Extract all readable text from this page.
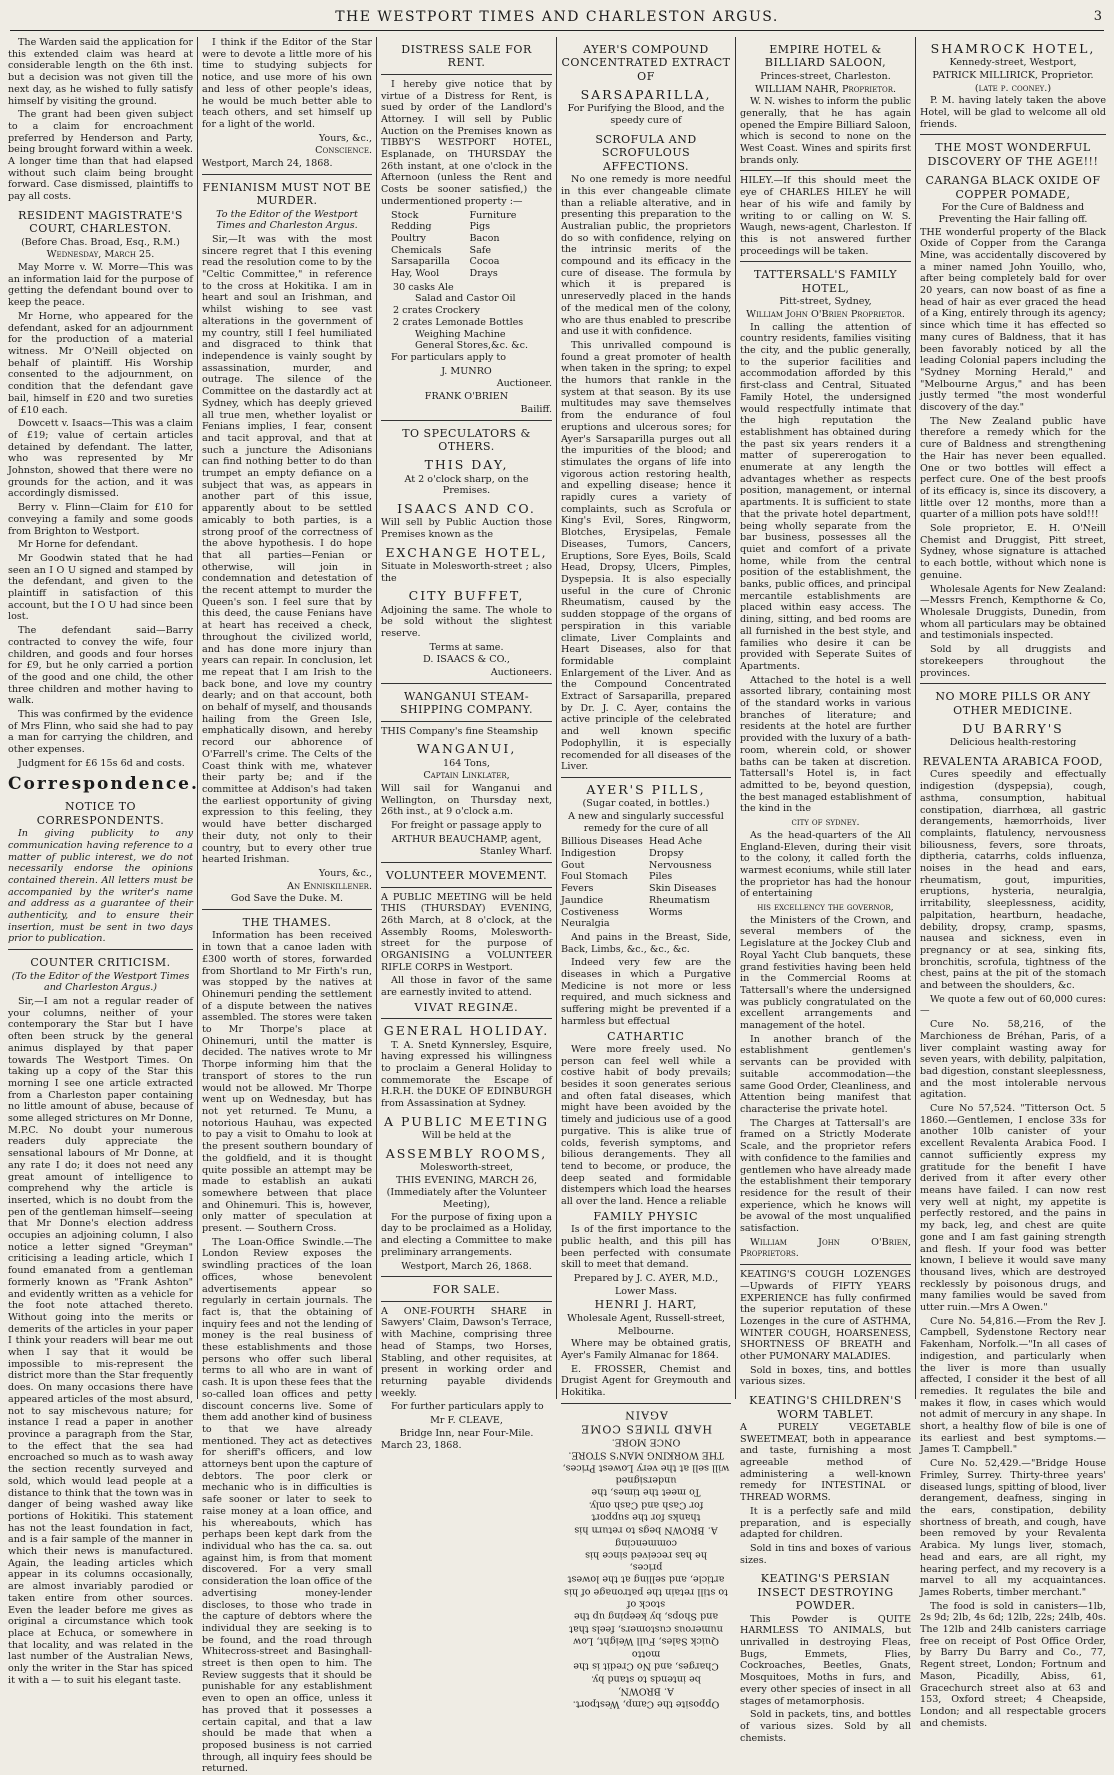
THE WESTPORT TIMES AND CHARLESTON ARGUS.	3

The Warden said the application for this extended claim was heard at considerable length on the 6th inst. but a decision was not given till the next day, as he wished to fully satisfy himself by visiting the ground.

The grant had been given subject to a claim for encroachment preferred by Henderson and Party, being brought forward within a week. A longer time than that had elapsed without such claim being brought forward. Case dismissed, plaintiffs to pay all costs.

RESIDENT MAGISTRATE'S COURT, CHARLESTON.
(Before Chas. Broad, Esq., R.M.)
Wednesday, March 25.

May Morre v. W. Morre—This was an information laid for the purpose of getting the defendant bound over to keep the peace.

Mr Horne, who appeared for the defendant, asked for an adjournment for the production of a material witness. Mr O'Neill objected on behalf of plaintiff. His Worship consented to the adjournment, on condition that the defendant gave bail, himself in £20 and two sureties of £10 each.

Dowcett v. Isaacs—This was a claim of £19; value of certain articles detained by defendant. The latter, who was represented by Mr Johnston, showed that there were no grounds for the action, and it was accordingly dismissed.

Berry v. Flinn—Claim for £10 for conveying a family and some goods from Brighton to Westport.

Mr Horne for defendant.

Mr Goodwin stated that he had seen an I O U signed and stamped by the defendant, and given to the plaintiff in satisfaction of this account, but the I O U had since been lost.

The defendant said—Barry contracted to convey the wife, four children, and goods and four horses for £9, but he only carried a portion of the good and one child, the other three children and mother having to walk.

This was confirmed by the evidence of Mrs Flinn, who said she had to pay a man for carrying the children, and other expenses.

Judgment for £6 15s 6d and costs.

Correspondence.
NOTICE TO CORRESPONDENTS.

In giving publicity to any communication having reference to a matter of public interest, we do not necessarily endorse the opinions contained therein. All letters must be accompanied by the writer's name and address as a guarantee of their authenticity, and to ensure their insertion, must be sent in two days prior to publication.

COUNTER CRITICISM.
(To the Editor of the Westport Times and Charleston Argus.)

Sir,—I am not a regular reader of your columns, neither of your contemporary the Star but I have often been struck by the general animus displayed by that paper towards The Westport Times. On taking up a copy of the Star this morning I see one article extracted from a Charleston paper containing no little amount of abuse, because of some alleged strictures on Mr Donne, M.P.C. No doubt your numerous readers duly appreciate the sensational labours of Mr Donne, at any rate I do; it does not need any great amount of intelligence to comprehend why the article is inserted, which is no doubt from the pen of the gentleman himself—seeing that Mr Donne's election address occupies an adjoining column, I also notice a letter signed "Greyman" criticising a leading article, which I found emanated from a gentleman formerly known as "Frank Ashton" and evidently written as a vehicle for the foot note attached thereto. Without going into the merits or demerits of the articles in your paper I think your readers will bear me out when I say that it would be impossible to mis-represent the district more than the Star frequently does. On many occasions there have appeared articles of the most absurd, not to say mischevous nature; for instance I read a paper in another province a paragraph from the Star, to the effect that the sea had encroached so much as to wash away the section recently surveyed and sold, which would lead people at a distance to think that the town was in danger of being washed away like portions of Hokitiki. This statement has not the least foundation in fact, and is a fair sample of the manner in which their news is manufactured. Again, the leading articles which appear in its columns occasionally, are almost invariably parodied or taken entire from other sources. Even the leader before me gives as original a circumstance which took place at Echuca, or somewhere in that locality, and was related in the last number of the Australian News, only the writer in the Star has spiced it with a — to suit his elegant taste.

I think if the Editor of the Star were to devote a little more of his time to studying subjects for notice, and use more of his own and less of other people's ideas, he would be much better able to teach others, and set himself up for a light of the world.

Yours, &c.,
Conscience.

Westport, March 24, 1868.

FENIANISM MUST NOT BE MURDER.
To the Editor of the Westport Times and Charleston Argus.

Sir,—It was with the most sincere regret that I this evening read the resolution come to by the "Celtic Committee," in reference to the cross at Hokitika. I am in heart and soul an Irishman, and whilst wishing to see vast alterations in the government of my country, still I feel humiliated and disgraced to think that independence is vainly sought by assassination, murder, and outrage. The silence of the Committee on the dastardly act at Sydney, which has deeply grieved all true men, whether loyalist or Fenians implies, I fear, consent and tacit approval, and that at such a juncture the Adisonians can find nothing better to do than trumpet an empty defiance on a subject that was, as appears in another part of this issue, apparently about to be settled amicably to both parties, is a strong proof of the correctness of the above hypothesis. I do hope that all parties—Fenian or otherwise, will join in condemnation and detestation of the recent attempt to murder the Queen's son. I feel sure that by this deed, the cause Fenians have at heart has received a check, throughout the civilized world, and has done more injury than years can repair. In conclusion, let me repeat that I am Irish to the back bone, and love my country dearly; and on that account, both on behalf of myself, and thousands hailing from the Green Isle, emphatically disown, and hereby record our abhorence of O'Farrell's crime. The Celts of the Coast think with me, whatever their party be; and if the committee at Addison's had taken the earliest opportunity of giving expression to this feeling, they would have better discharged their duty, not only to their country, but to every other true hearted Irishman.

Yours, &c.,
An Enniskillener.
God Save the Duke. M.
THE THAMES.

Information has been received in town that a canoe laden with £300 worth of stores, forwarded from Shortland to Mr Firth's run, was stopped by the natives at Ohinemuri pending the settlement of a dispute between the natives assembled. The stores were taken to Mr Thorpe's place at Ohinemuri, until the matter is decided. The natives wrote to Mr Thorpe informing him that the transport of stores to the run would not be allowed. Mr Thorpe went up on Wednesday, but has not yet returned. Te Munu, a notorious Hauhau, was expected to pay a visit to Omahu to look at the present southern boundary of the goldfield, and it is thought quite possible an attempt may be made to establish an aukati somewhere between that place and Ohinemuri. This is, however, only matter of speculation at present. — Southern Cross.

The Loan-Office Swindle.—The London Review exposes the swindling practices of the loan offices, whose benevolent advertisements appear so regularly in certain journals. The fact is, that the obtaining of inquiry fees and not the lending of money is the real business of these establishments and those persons who offer such liberal terms to all who are in want of cash. It is upon these fees that the so-called loan offices and petty discount concerns live. Some of them add another kind of business to that we have already mentioned. They act as detectives for sheriff's officers, and low attorneys bent upon the capture of debtors. The poor clerk or mechanic who is in difficulties is safe sooner or later to seek to raise money at a loan office, and his whereabouts, which has perhaps been kept dark from the individual who has the ca. sa. out against him, is from that moment discovered. For a very small consideration the loan office of the advertising money-lender discloses, to those who trade in the capture of debtors where the individual they are seeking is to be found, and the road through Whitecross-street and Basinghall-street is then open to him. The Review suggests that it should be punishable for any establishment even to open an office, unless it has proved that it possesses a certain capital, and that a law should be made that when a proposed business is not carried through, all inquiry fees should be returned.

DISTRESS SALE FOR RENT.

I hereby give notice that by virtue of a Distress for Rent, is sued by order of the Landlord's Attorney. I will sell by Public Auction on the Premises known as TIBBY'S WESTPORT HOTEL, Esplanade, on THURSDAY the 26th instant, at one o'clock in the Afternoon (unless the Rent and Costs be sooner satisfied,) the undermentioned property :—

Stock	Furniture
Redding	Pigs
Poultry	Bacon
Chemicals	Safe
Sarsaparilla	Cocoa
Hay, Wool	Drays
30 casks Ale
Salad and Castor Oil
2 crates Crockery
2 crates Lemonade Bottles
Weighing Machine
General Stores,&c. &c.

For particulars apply to

J. MUNRO
Auctioneer.
FRANK O'BRIEN
Bailiff.
TO SPECULATORS & OTHERS.
THIS DAY,
At 2 o'clock sharp, on the Premises.
ISAACS AND CO.

Will sell by Public Auction those Premises known as the

EXCHANGE HOTEL,

Situate in Molesworth-street ; also the

CITY BUFFET,

Adjoining the same. The whole to be sold without the slightest reserve.

Terms at same.
D. ISAACS & CO.,
Auctioneers.
WANGANUI STEAM-SHIPPING COMPANY.

THIS Company's fine Steamship

WANGANUI,
164 Tons,
Captain Linklater,

Will sail for Wanganui and Wellington, on Thursday next, 26th inst., at 9 o'clock a.m.

For freight or passage apply to

ARTHUR BEAUCHAMP, agent,
Stanley Wharf.
VOLUNTEER MOVEMENT.

A PUBLIC MEETING will be held THIS (THURSDAY) EVENING, 26th March, at 8 o'clock, at the Assembly Rooms, Molesworth-street for the purpose of ORGANISING a VOLUNTEER RIFLE CORPS in Westport.

All those in favor of the same are earnestly invited to attend.

VIVAT REGINÆ.
GENERAL HOLIDAY.

T. A. Snetd Kynnersley, Esquire, having expressed his willingness to proclaim a General Holiday to commemorate the Escape of H.R.H. the DUKE OF EDINBURGH from Assassination at Sydney.

A PUBLIC MEETING
Will be held at the
ASSEMBLY ROOMS,
Molesworth-street,
THIS EVENING, MARCH 26,
(Immediately after the Volunteer Meeting),

For the purpose of fixing upon a day to be proclaimed as a Holiday, and electing a Committee to make preliminary arrangements.

Westport, March 26, 1868.
FOR SALE.

A ONE-FOURTH SHARE in Sawyers' Claim, Dawson's Terrace, with Machine, comprising three head of Stamps, two Horses, Stabling, and other requisites, at present in working order and returning payable dividends weekly.

For further particulars apply to

Mr F. CLEAVE,
Bridge Inn, near Four-Mile.

March 23, 1868.

AYER'S COMPOUND CONCENTRATED EXTRACT OF
SARSAPARILLA,
For Purifying the Blood, and the speedy cure of
SCROFULA AND SCROFULOUS AFFECTIONS.

No one remedy is more needful in this ever changeable climate than a reliable alterative, and in presenting this preparation to the Australian public, the proprietors do so with confidence, relying on the intrinsic merits of the compound and its efficacy in the cure of disease. The formula by which it is prepared is unreservedly placed in the hands of the medical men of the colony, who are thus enabled to prescribe and use it with confidence.

This unrivalled compound is found a great promoter of health when taken in the spring; to expel the humors that rankle in the system at that season. By its use multitudes may save themselves from the endurance of foul eruptions and ulcerous sores; for Ayer's Sarsaparilla purges out all the impurities of the blood; and stimulates the organs of life into vigorous action restoring health, and expelling disease; hence it rapidly cures a variety of complaints, such as Scrofula or King's Evil, Sores, Ringworm, Blotches, Erysipelas, Female Diseases, Tumors, Cancers, Eruptions, Sore Eyes, Boils, Scald Head, Dropsy, Ulcers, Pimples, Dyspepsia. It is also especially useful in the cure of Chronic Rheumatism, caused by the sudden stoppage of the organs of perspiration in this variable climate, Liver Complaints and Heart Diseases, also for that formidable complaint Enlargement of the Liver. And as the Compound Concentrated Extract of Sarsaparilla, prepared by Dr. J. C. Ayer, contains the active principle of the celebrated and well known specific Podophyllin, it is especially recomended for all diseases of the Liver.

AYER'S PILLS,
(Sugar coated, in bottles.)
A new and singularly successful remedy for the cure of all
Billious Diseases Head Ache
Indigestion	Dropsy
Gout	Nervousness
Foul Stomach	Piles
Fevers	Skin Diseases
Jaundice	Rheumatism
Costiveness	Worms
Neuralgia

And pains in the Breast, Side, Back, Limbs, &c., &c., &c.

Indeed very few are the diseases in which a Purgative Medicine is not more or less required, and much sickness and suffering might be prevented if a harmless but effectual

CATHARTIC

Were more freely used. No person can feel well while a costive habit of body prevails; besides it soon generates serious and often fatal diseases, which might have been avoided by the timely and judicious use of a good purgative. This is alike true of colds, feverish symptoms, and bilious derangements. They all tend to become, or produce, the deep seated and formidable distempers which load the hearses all over the land. Hence a reliable

FAMILY PHYSIC

Is of the first importance to the public health, and this pill has been perfected with consumate skill to meet that demand.

Prepared by J. C. AYER, M.D.,
Lower Mass.
HENRI J. HART,
Wholesale Agent, Russell-street,
Melbourne.

Where may be obtained gratis, Ayer's Family Almanac for 1864.

E. FROSSER, Chemist and Drugist Agent for Greymouth and Hokitika.

Opposite the Camp, Westport.
A. BROWN,
be intends to stand by.
Charges, and No Credit is the motto
Quick Sales, Full Weight, Low
numerous customers, feels that
and Shops, by keeping up the stock of
to still retain the patronage of his
article, and selling at the lowest prices,
he has received since his commencing
A. BROWN begs to return his
thanks for the support
for Cash and Cash only.
To meet the times, the undersigned
will sell at the very Lowest Prices,
THE WORKING MAN'S STORE.
ONCE MORE.
HARD TIMES COME AGAIN
EMPIRE HOTEL & BILLIARD SALOON,
Princes-street, Charleston.
WILLIAM NAHR, Proprietor.

W. N. wishes to inform the public generally, that he has again opened the Empire Billiard Saloon, which is second to none on the West Coast. Wines and spirits first brands only.

HILEY.—If this should meet the eye of CHARLES HILEY he will hear of his wife and family by writing to or calling on W. S. Waugh, news-agent, Charleston. If this is not answered further proceedings will be taken.

TATTERSALL'S FAMILY HOTEL,
Pitt-street, Sydney,
William John O'Brien Proprietor.

In calling the attention of country residents, families visiting the city, and the public generally, to the superior facilities and accommodation afforded by this first-class and Central, Situated Family Hotel, the undersigned would respectfully intimate that the high reputation the establishment has obtained during the past six years renders it a matter of supererogation to enumerate at any length the advantages whether as respects position, management, or internal apartments. It is sufficient to state that the private hotel department, being wholly separate from the bar business, possesses all the quiet and comfort of a private home, while from the central position of the establishment, the banks, public offices, and principal mercantile establishments are placed within easy access. The dining, sitting, and bed rooms are all furnished in the best style, and families who desire it can be provided with Seperate Suites of Apartments.

Attached to the hotel is a well assorted library, containing most of the standard works in various branches of literature; and residents at the hotel are further provided with the luxury of a bath-room, wherein cold, or shower baths can be taken at discretion. Tattersall's Hotel is, in fact admitted to be, beyond question, the best managed establishment of the kind in the

city of sydney.

As the head-quarters of the All England-Eleven, during their visit to the colony, it called forth the warmest econiums, while still later the proprietor has had the honour of entertaining

his excellency the governor,

the Ministers of the Crown, and several members of the Legislature at the Jockey Club and Royal Yacht Club banquets, these grand festivities having been held in the Commercial Rooms at Tattersall's where the undersigned was publicly congratulated on the excellent arrangements and management of the hotel.

In another branch of the establishment gentlemen's servants can be provided with suitable accommodation—the same Good Order, Cleanliness, and Attention being manifest that characterise the private hotel.

The Charges at Tattersall's are framed on a Strictly Moderate Scale, and the proprietor refers with confidence to the families and gentlemen who have already made the establishment their temporary residence for the result of their experience, which he knows will be avowal of the most unqualified satisfaction.

William John O'Brien, Proprietors.

KEATING'S COUGH LOZENGES —Upwards of FIFTY YEARS EXPERIENCE has fully confirmed the superior reputation of these Lozenges in the cure of ASTHMA, WINTER COUGH, HOARSENESS, SHORTNESS OF BREATH and other PUMONARY MALADIES.

Sold in boxes, tins, and bottles various sizes.

KEATING'S CHILDREN'S WORM TABLET.

A PURELY VEGETABLE SWEETMEAT, both in appearance and taste, furnishing a most agreeable method of administering a well-known remedy for INTESTINAL or THREAD WORMS.

It is a perfectly safe and mild preparation, and is especially adapted for children.

Sold in tins and boxes of various sizes.

KEATING'S PERSIAN INSECT DESTROYING POWDER.

This Powder is QUITE HARMLESS TO ANIMALS, but unrivalled in destroying Fleas, Bugs, Emmets, Flies, Cockroaches, Beetles, Gnats, Mosquitoes, Moths in furs, and every other species of insect in all stages of metamorphosis.

Sold in packets, tins, and bottles of various sizes. Sold by all chemists.

SHAMROCK HOTEL,
Kennedy-street, Westport,
PATRICK MILLIRICK, Proprietor.
(late p. cooney.)

P. M. having lately taken the above Hotel, will be glad to welcome all old friends.

THE MOST WONDERFUL DISCOVERY OF THE AGE!!!
CARANGA BLACK OXIDE OF COPPER POMADE,
For the Cure of Baldness and Preventing the Hair falling off.

THE wonderful property of the Black Oxide of Copper from the Caranga Mine, was accidentally discovered by a miner named John Youillo, who, after being completely bald for over 20 years, can now boast of as fine a head of hair as ever graced the head of a King, entirely through its agency; since which time it has effected so many cures of Baldness, that it has been favorably noticed by all the leading Colonial papers including the "Sydney Morning Herald," and "Melbourne Argus," and has been justly termed "the most wonderful discovery of the day."

The New Zealand public have therefore a remedy which for the cure of Baldness and strengthening the Hair has never been equalled. One or two bottles will effect a perfect cure. One of the best proofs of its efficacy is, since its discovery, a little over 12 months, more than a quarter of a million pots have sold!!!

Sole proprietor, E. H. O'Neill Chemist and Druggist, Pitt street, Sydney, whose signature is attached to each bottle, without which none is genuine.

Wholesale Agents for New Zealand:—Messrs French, Kempthorne & Co, Wholesale Druggists, Dunedin, from whom all particulars may be obtained and testimonials inspected.

Sold by all druggists and storekeepers throughout the provinces.

NO MORE PILLS OR ANY OTHER MEDICINE.
DU BARRY'S
Delicious health-restoring
REVALENTA ARABICA FOOD,

Cures speedily and effectually indigestion (dyspepsia), cough, asthma, consumption, habitual constipation, diarrhœa, all gastric derangements, hæmorrhoids, liver complaints, flatulency, nervousness biliousness, fevers, sore throats, diptheria, catarrhs, colds influenza, noises in the head and ears, rheumatism, gout, impurities, eruptions, hysteria, neuralgia, irritability, sleeplessness, acidity, palpitation, heartburn, headache, debility, dropsy, cramp, spasms, nausea and sickness, even in pregnancy or at sea, sinking fits, bronchitis, scrofula, tightness of the chest, pains at the pit of the stomach and between the shoulders, &c.

We quote a few out of 60,000 cures:—

Cure No. 58,216, of the Marchioness de Bréhan, Paris, of a liver complaint wasting away for seven years, with debility, palpitation, bad digestion, constant sleeplessness, and the most intolerable nervous agitation.

Cure No 57,524. "Titterson Oct. 5 1860.—Gentlemen, I enclose 33s for another 10lb canister of your excellent Revalenta Arabica Food. I cannot sufficiently express my gratitude for the benefit I have derived from it after every other means have failed. I can now rest very well at night, my appetite is perfectly restored, and the pains in my back, leg, and chest are quite gone and I am fast gaining strength and flesh. If your food was better known, I believe it would save many thousand lives, which are destroyed recklessly by poisonous drugs, and many families would be saved from utter ruin.—Mrs A Owen."

Cure No. 54,816.—From the Rev J. Campbell, Sydenstone Rectory near Fakenham, Norfolk.—"In all cases of indigestion, and particularly when the liver is more than usually affected, I consider it the best of all remedies. It regulates the bile and makes it flow, in cases which would not admit of mercury in any shape. In short, a healthy flow of bile is one of its earliest and best symptoms.—James T. Campbell."

Cure No. 52,429.—"Bridge House Frimley, Surrey. Thirty-three years' diseased lungs, spitting of blood, liver derangement, deafness, singing in the ears, constipation, debility shortness of breath, and cough, have been removed by your Revalenta Arabica. My lungs liver, stomach, head and ears, are all right, my hearing perfect, and my recovery is a marvel to all my acquaintances. James Roberts, timber merchant."

The food is sold in canisters—1lb, 2s 9d; 2lb, 4s 6d; 12lb, 22s; 24lb, 40s. The 12lb and 24lb canisters carriage free on receipt of Post Office Order, by Barry Du Barry and Co., 77, Regent street, London; Fortnum and Mason, Picadilly, Abiss, 61, Gracechurch street also at 63 and 153, Oxford street; 4 Cheapside, London; and all respectable grocers and chemists.
